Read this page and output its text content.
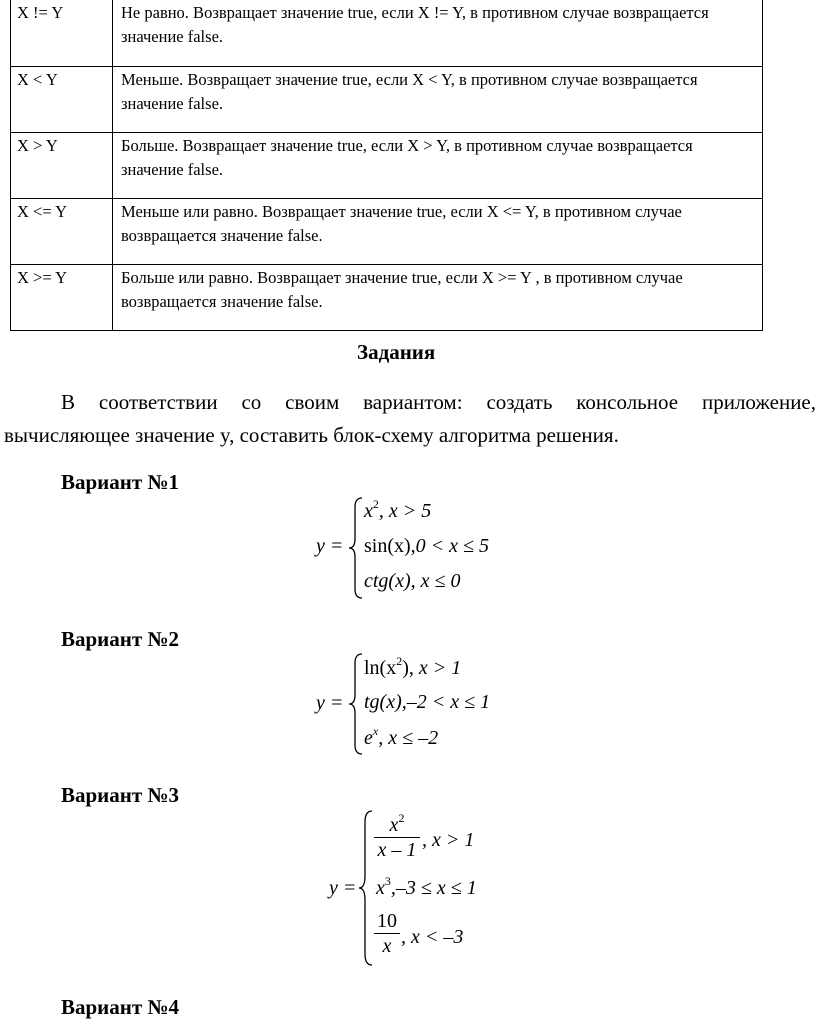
X != Y	Не равно. Возвращает значение true, если X != Y, в противном случае возвращается значение false.
X < Y	Меньше. Возвращает значение true, если X < Y, в противном случае возвращается значение false.
X > Y	Больше. Возвращает значение true, если X > Y, в противном случае возвращается значение false.
X <= Y	Меньше или равно. Возвращает значение true, если X <= Y, в противном случае возвращается значение false.
X >= Y	Больше или равно. Возвращает значение true, если X >= Y , в противном случае возвращается значение false.
Задания
В соответствии со своим вариантом: создать консольное приложение,
вычисляющее значение y, составить блок-схему алгоритма решения.
Вариант №1
y =
$x^2$, x > 5
sin(x),0 < x ≤ 5
ctg(x), x ≤ 0
Вариант №2
y =
$\ln(x^2)$, x > 1
tg(x),–2 < x ≤ 1
$e^x$, x ≤ –2
Вариант №3
y =
$\frac{x^2}{x - 1}$ , x > 1
$x^3,-3 \le x \le 1$
$\frac{10}{x}$ , x < –3
Вариант №4
